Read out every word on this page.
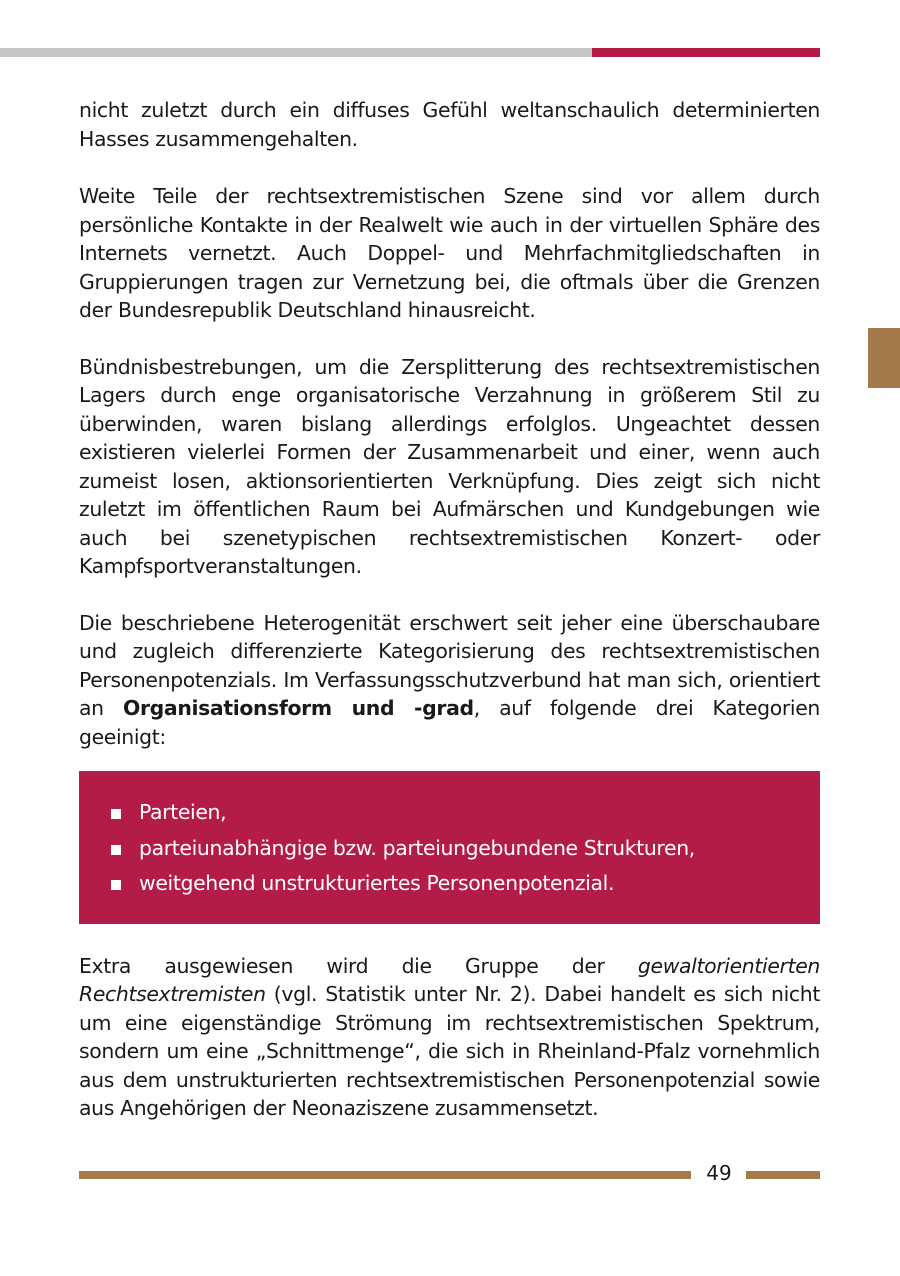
nicht zuletzt durch ein diffuses Gefühl weltanschaulich determinierten Hasses zusammengehalten.

Weite Teile der rechtsextremistischen Szene sind vor allem durch persönliche Kontakte in der Realwelt wie auch in der virtuellen Sphäre des Internets vernetzt. Auch Doppel- und Mehrfachmitgliedschaften in Gruppierungen tragen zur Vernetzung bei, die oftmals über die Grenzen der Bundesrepublik Deutschland hinausreicht.

Bündnisbestrebungen, um die Zersplitterung des rechtsextremistischen Lagers durch enge organisatorische Verzahnung in größerem Stil zu überwinden, waren bislang allerdings erfolglos. Ungeachtet dessen existieren vielerlei Formen der Zusammenarbeit und einer, wenn auch zumeist losen, aktionsorientierten Verknüpfung. Dies zeigt sich nicht zuletzt im öffentlichen Raum bei Aufmärschen und Kundgebungen wie auch bei szenetypischen rechtsextremistischen Konzert- oder Kampfsportveranstaltungen.

Die beschriebene Heterogenität erschwert seit jeher eine überschaubare und zugleich differenzierte Kategorisierung des rechtsextremistischen Personenpotenzials. Im Verfassungsschutzverbund hat man sich, orientiert an Organisationsform und -grad, auf folgende drei Kategorien geeinigt:

Parteien,
parteiunabhängige bzw. parteiungebundene Strukturen,
weitgehend unstrukturiertes Personenpotenzial.

Extra ausgewiesen wird die Gruppe der gewaltorientierten Rechtsextremisten (vgl. Statistik unter Nr. 2). Dabei handelt es sich nicht um eine eigenständige Strömung im rechtsextremistischen Spektrum, sondern um eine „Schnittmenge“, die sich in Rheinland-Pfalz vornehmlich aus dem unstrukturierten rechtsextremistischen Personenpotenzial sowie aus Angehörigen der Neonaziszene zusammensetzt.

49
